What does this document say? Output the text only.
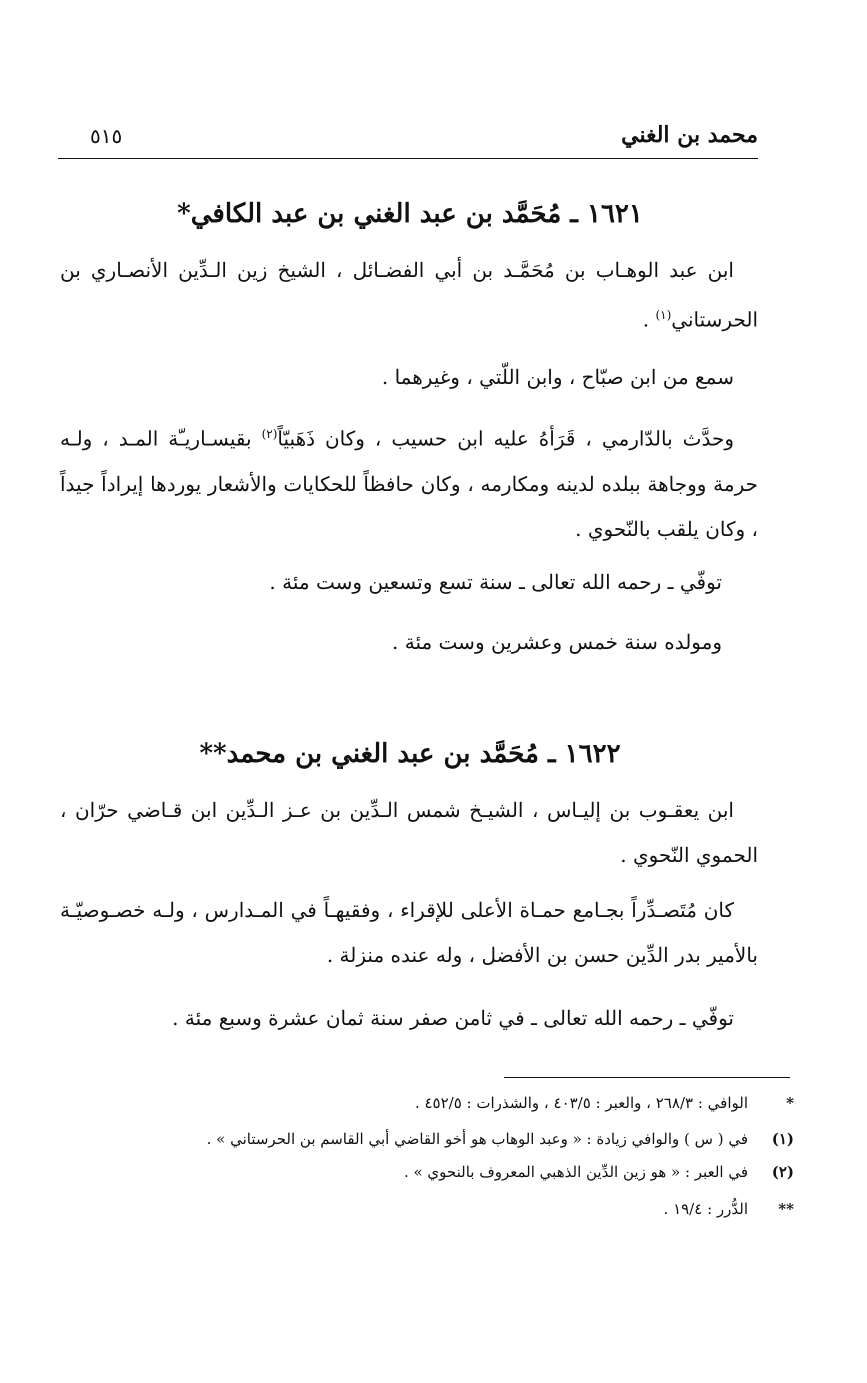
محمد بن الغني
٥١٥
١٦٢١ ـ مُحَمَّد بن عبد الغني بن عبد الكافي*
ابن عبد الوهـاب بن مُحَمَّـد بن أبي الفضـائل ، الشيخ زين الـدِّين الأنصـاري بن الحرستاني$^{(١)}$ .
سمع من ابن صبّاح ، وابن اللّتي ، وغيرهما .
وحدَّث بالدّارمي ، قَرَأهُ عليه ابن حسيب ، وكان ذَهَبيّاً$^{(٢)}$ بقيسـاريـّة المـد ، ولـه حرمة ووجاهة ببلده لدينه ومكارمه ، وكان حافظاً للحكايات والأشعار يوردها إيراداً جيداً ، وكان يلقب بالنّحوي .
توفّي ـ رحمه الله تعالى ـ سنة تسع وتسعين وست مئة .
ومولده سنة خمس وعشرين وست مئة .
١٦٢٢ ـ مُحَمَّد بن عبد الغني بن محمد**
ابن يعقـوب بن إليـاس ، الشيـخ شمس الـدِّين بن عـز الـدِّين ابن قـاضي حرّان ، الحموي النّحوي .
كان مُتَصـدِّراً بجـامع حمـاة الأعلى للإقراء ، وفقيهـاً في المـدارس ، ولـه خصـوصيّـة بالأمير بدر الدِّين حسن بن الأفضل ، وله عنده منزلة .
توفّي ـ رحمه الله تعالى ـ في ثامن صفر سنة ثمان عشرة وسبع مئة .
*الوافي : ٢٦٨/٣ ، والعبر : ٤٠٣/٥ ، والشذرات : ٤٥٢/٥ .
(١)في ( س ) والوافي زيادة : « وعبد الوهاب هو أخو القاضي أبي القاسم بن الحرستاني » .
(٢)في العبر : « هو زين الدِّين الذهبي المعروف بالنحوي » .
**الدُّرر : ١٩/٤ .
